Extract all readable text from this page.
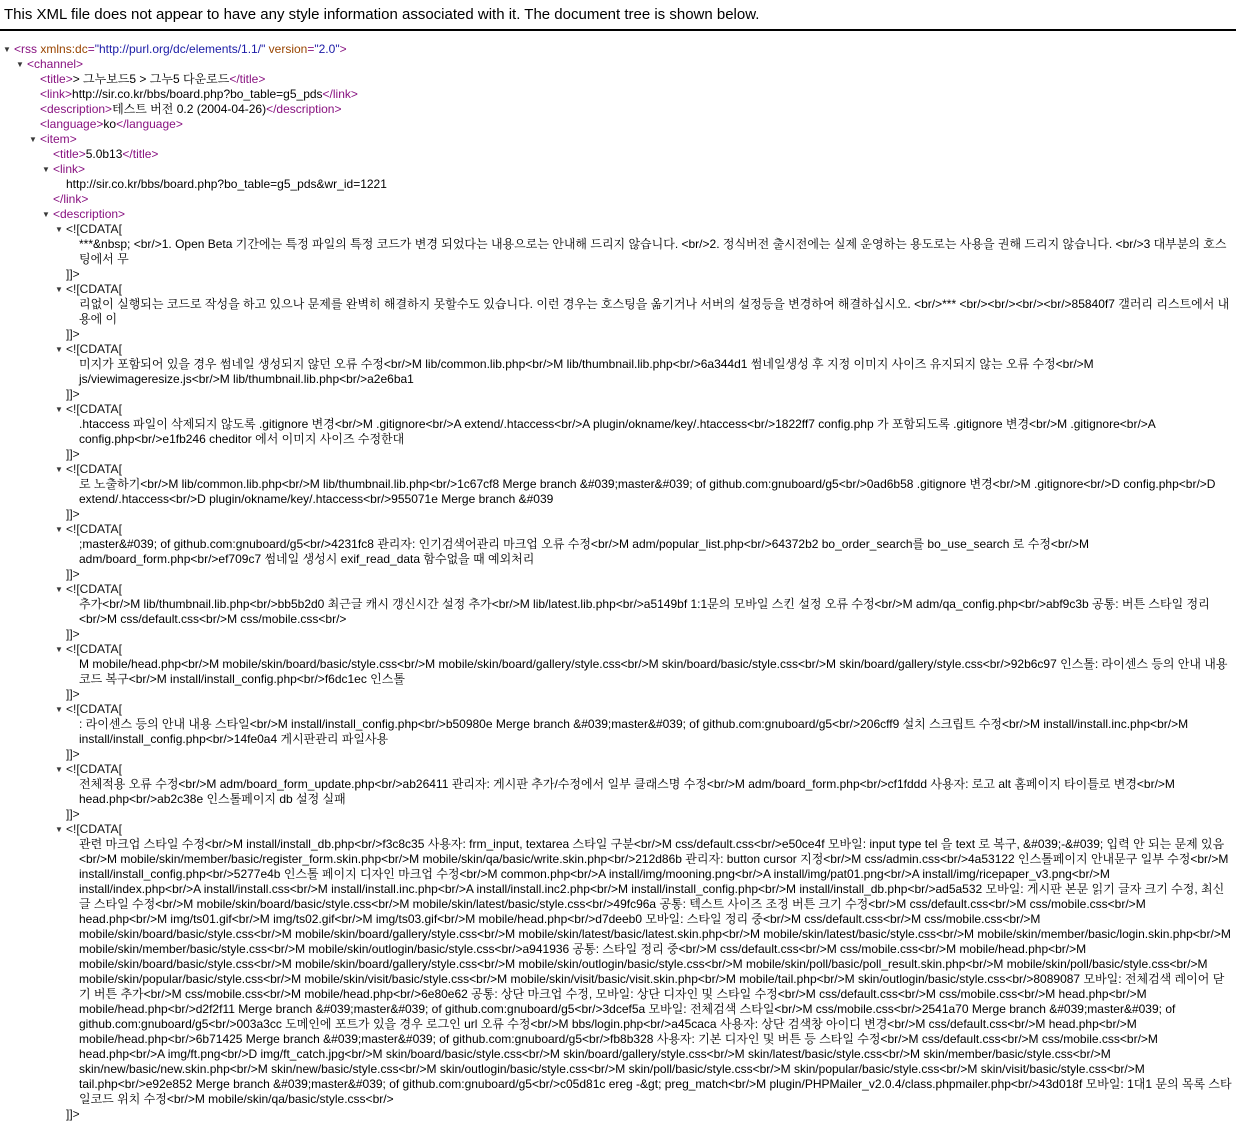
This XML file does not appear to have any style information associated with it. The document tree is shown below.
▼ <rss xmlns:dc="http://purl.org/dc/elements/1.1/" version="2.0">
▼ <channel>
<title>> 그누보드5 > 그누5 다운로드</title>
<link>http://sir.co.kr/bbs/board.php?bo_table=g5_pds</link>
<description>테스트 버전 0.2 (2004-04-26)</description>
<language>ko</language>
▼ <item>
<title>5.0b13</title>
▼ <link>
http://sir.co.kr/bbs/board.php?bo_table=g5_pds&wr_id=1221
</link>
▼ <description>
▼ <![CDATA[
***&nbsp; <br/>1. Open Beta 기간에는 특정 파일의 특정 코드가 변경 되었다는 내용으로는 안내해 드리지 않습니다. <br/>2. 정식버전 출시전에는 실제 운영하는 용도로는 사용을 권해 드리지 않습니다. <br/>3 대부분의 호스팅에서 무
]]>
▼ <![CDATA[
리없이 실행되는 코드로 작성을 하고 있으나 문제를 완벽히 해결하지 못할수도 있습니다. 이런 경우는 호스팅을 옮기거나 서버의 설정등을 변경하여 해결하십시오. <br/>*** <br/><br/><br/><br/>85840f7 갤러리 리스트에서 내용에 이
]]>
▼ <![CDATA[
미지가 포함되어 있을 경우 썸네일 생성되지 않던 오류 수정<br/>M lib/common.lib.php<br/>M lib/thumbnail.lib.php<br/>6a344d1 썸네일생성 후 지정 이미지 사이즈 유지되지 않는 오류 수정<br/>M js/viewimageresize.js<br/>M lib/thumbnail.lib.php<br/>a2e6ba1
]]>
▼ <![CDATA[
.htaccess 파일이 삭제되지 않도록 .gitignore 변경<br/>M .gitignore<br/>A extend/.htaccess<br/>A plugin/okname/key/.htaccess<br/>1822ff7 config.php 가 포함되도록 .gitignore 변경<br/>M .gitignore<br/>A config.php<br/>e1fb246 cheditor 에서 이미지 사이즈 수정한대
]]>
▼ <![CDATA[
로 노출하기<br/>M lib/common.lib.php<br/>M lib/thumbnail.lib.php<br/>1c67cf8 Merge branch &#039;master&#039; of github.com:gnuboard/g5<br/>0ad6b58 .gitignore 변경<br/>M .gitignore<br/>D config.php<br/>D extend/.htaccess<br/>D plugin/okname/key/.htaccess<br/>955071e Merge branch &#039
]]>
▼ <![CDATA[
;master&#039; of github.com:gnuboard/g5<br/>4231fc8 관리자: 인기검색어관리 마크업 오류 수정<br/>M adm/popular_list.php<br/>64372b2 bo_order_search를 bo_use_search 로 수정<br/>M adm/board_form.php<br/>ef709c7 썸네일 생성시 exif_read_data 함수없을 때 예외처리
]]>
▼ <![CDATA[
추가<br/>M lib/thumbnail.lib.php<br/>bb5b2d0 최근글 캐시 갱신시간 설정 추가<br/>M lib/latest.lib.php<br/>a5149bf 1:1문의 모바일 스킨 설정 오류 수정<br/>M adm/qa_config.php<br/>abf9c3b 공통: 버튼 스타일 정리<br/>M css/default.css<br/>M css/mobile.css<br/>
]]>
▼ <![CDATA[
M mobile/head.php<br/>M mobile/skin/board/basic/style.css<br/>M mobile/skin/board/gallery/style.css<br/>M skin/board/basic/style.css<br/>M skin/board/gallery/style.css<br/>92b6c97 인스톨: 라이센스 등의 안내 내용 코드 복구<br/>M install/install_config.php<br/>f6dc1ec 인스톨
]]>
▼ <![CDATA[
: 라이센스 등의 안내 내용 스타일<br/>M install/install_config.php<br/>b50980e Merge branch &#039;master&#039; of github.com:gnuboard/g5<br/>206cff9 설치 스크립트 수정<br/>M install/install.inc.php<br/>M install/install_config.php<br/>14fe0a4 게시판관리 파일사용
]]>
▼ <![CDATA[
전체적용 오류 수정<br/>M adm/board_form_update.php<br/>ab26411 관리자: 게시판 추가/수정에서 일부 클래스명 수정<br/>M adm/board_form.php<br/>cf1fddd 사용자: 로고 alt 홈페이지 타이틀로 변경<br/>M head.php<br/>ab2c38e 인스톨페이지 db 설정 실패
]]>
▼ <![CDATA[
관련 마크업 스타일 수정<br/>M install/install_db.php<br/>f3c8c35 사용자: frm_input, textarea 스타일 구분<br/>M css/default.css<br/>e50ce4f 모바일: input type tel 을 text 로 복구, &#039;-&#039; 입력 안 되는 문제 있음<br/>M mobile/skin/member/basic/register_form.skin.php<br/>M mobile/skin/qa/basic/write.skin.php<br/>212d86b 관리자: button cursor 지정<br/>M css/admin.css<br/>4a53122 인스톨페이지 안내문구 일부 수정<br/>M install/install_config.php<br/>5277e4b 인스톨 페이지 디자인 마크업 수정<br/>M common.php<br/>A install/img/mooning.png<br/>A install/img/pat01.png<br/>A install/img/ricepaper_v3.png<br/>M install/index.php<br/>A install/install.css<br/>M install/install.inc.php<br/>A install/install.inc2.php<br/>M install/install_config.php<br/>M install/install_db.php<br/>ad5a532 모바일: 게시판 본문 읽기 글자 크기 수정, 최신글 스타일 수정<br/>M mobile/skin/board/basic/style.css<br/>M mobile/skin/latest/basic/style.css<br/>49fc96a 공통: 텍스트 사이즈 조정 버튼 크기 수정<br/>M css/default.css<br/>M css/mobile.css<br/>M head.php<br/>M img/ts01.gif<br/>M img/ts02.gif<br/>M img/ts03.gif<br/>M mobile/head.php<br/>d7deeb0 모바일: 스타일 정리 중<br/>M css/default.css<br/>M css/mobile.css<br/>M mobile/skin/board/basic/style.css<br/>M mobile/skin/board/gallery/style.css<br/>M mobile/skin/latest/basic/latest.skin.php<br/>M mobile/skin/latest/basic/style.css<br/>M mobile/skin/member/basic/login.skin.php<br/>M mobile/skin/member/basic/style.css<br/>M mobile/skin/outlogin/basic/style.css<br/>a941936 공통: 스타일 정리 중<br/>M css/default.css<br/>M css/mobile.css<br/>M mobile/head.php<br/>M mobile/skin/board/basic/style.css<br/>M mobile/skin/board/gallery/style.css<br/>M mobile/skin/outlogin/basic/style.css<br/>M mobile/skin/poll/basic/poll_result.skin.php<br/>M mobile/skin/poll/basic/style.css<br/>M mobile/skin/popular/basic/style.css<br/>M mobile/skin/visit/basic/style.css<br/>M mobile/skin/visit/basic/visit.skin.php<br/>M mobile/tail.php<br/>M skin/outlogin/basic/style.css<br/>8089087 모바일: 전체검색 레이어 닫기 버튼 추가<br/>M css/mobile.css<br/>M mobile/head.php<br/>6e80e62 공통: 상단 마크업 수정, 모바일: 상단 디자인 및 스타일 수정<br/>M css/default.css<br/>M css/mobile.css<br/>M head.php<br/>M mobile/head.php<br/>d2f2f11 Merge branch &#039;master&#039; of github.com:gnuboard/g5<br/>3dcef5a 모바일: 전체검색 스타일<br/>M css/mobile.css<br/>2541a70 Merge branch &#039;master&#039; of github.com:gnuboard/g5<br/>003a3cc 도메인에 포트가 있을 경우 로그인 url 오류 수정<br/>M bbs/login.php<br/>a45caca 사용자: 상단 검색창 아이디 변경<br/>M css/default.css<br/>M head.php<br/>M mobile/head.php<br/>6b71425 Merge branch &#039;master&#039; of github.com:gnuboard/g5<br/>fb8b328 사용자: 기본 디자인 및 버튼 등 스타일 수정<br/>M css/default.css<br/>M css/mobile.css<br/>M head.php<br/>A img/ft.png<br/>D img/ft_catch.jpg<br/>M skin/board/basic/style.css<br/>M skin/board/gallery/style.css<br/>M skin/latest/basic/style.css<br/>M skin/member/basic/style.css<br/>M skin/new/basic/new.skin.php<br/>M skin/new/basic/style.css<br/>M skin/outlogin/basic/style.css<br/>M skin/poll/basic/style.css<br/>M skin/popular/basic/style.css<br/>M skin/visit/basic/style.css<br/>M tail.php<br/>e92e852 Merge branch &#039;master&#039; of github.com:gnuboard/g5<br/>c05d81c ereg -&gt; preg_match<br/>M plugin/PHPMailer_v2.0.4/class.phpmailer.php<br/>43d018f 모바일: 1대1 문의 목록 스타일코드 위치 수정<br/>M mobile/skin/qa/basic/style.css<br/>
]]>
